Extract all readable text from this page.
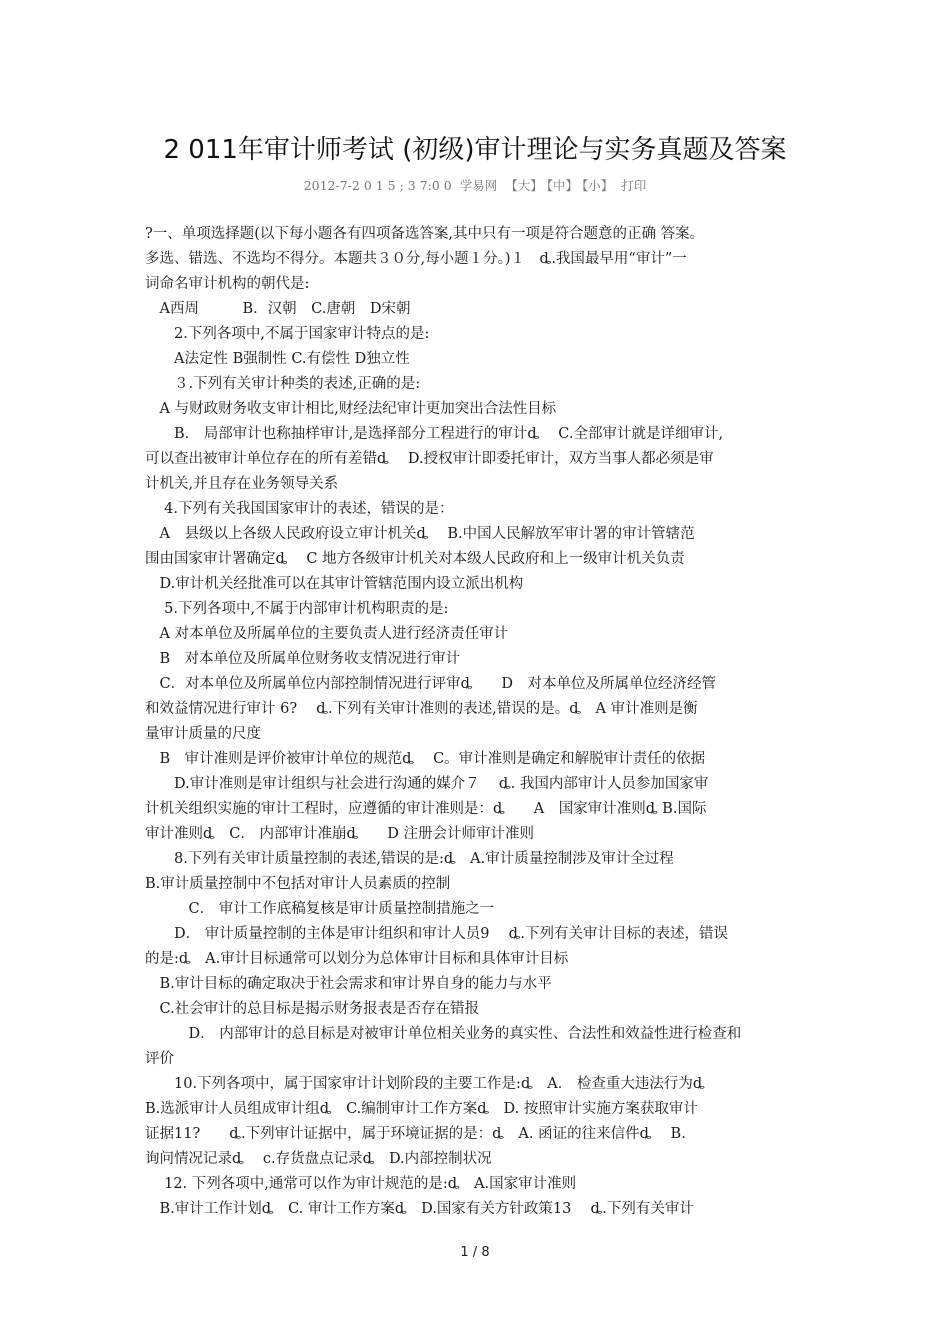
2 011年审计师考试 (初级)审计理论与实务真题及答案
2012-7-2 0 1 5 ; 3 7:0 0 学易网 【大】 【中】 【小】 打印

?一、单项选择题(以下每小题各有四项备选答案,其中只有一项是符合题意的正确 答案。

多选、错选、不选均不得分。本题共３０分,每小题１分。)１　ȡ.我国最早用“审计”一

词命名审计机构的朝代是:

　A西周　　　B．汉朝　C.唐朝　D宋朝

　　2.下列各项中,不属于国家审计特点的是:

　　A法定性 B强制性 C.有偿性 D独立性

　　３.下列有关审计种类的表述,正确的是:

　A 与财政财务收支审计相比,财经法纪审计更加突出合法性目标

　　B． 局部审计也称抽样审计,是选择部分工程进行的审计ȡ　 C.全部审计就是详细审计,

可以查出被审计单位存在的所有差错ȡ　 D.授权审计即委托审计，双方当事人都必须是审

计机关,并且存在业务领导关系

　 4.下列有关我国国家审计的表述，错误的是：

　A　县级以上各级人民政府设立审计机关ȡ　 B.中国人民解放军审计署的审计管辖范

围由国家审计署确定ȡ　 C 地方各级审计机关对本级人民政府和上一级审计机关负责

　D.审计机关经批准可以在其审计管辖范围内设立派出机构

　 5.下列各项中,不属于内部审计机构职责的是:

　A 对本单位及所属单位的主要负责人进行经济责任审计

　B　对本单位及所属单位财务收支情况进行审计

　C．对本单位及所属单位内部控制情况进行评审ȡ　　D　对本单位及所属单位经济经管

和效益情况进行审计 6?　 ȡ.下列有关审计准则的表述,错误的是。ȡ　A 审计准则是衡

量审计质量的尺度

　B　审计准则是评价被审计单位的规范ȡ　 C。审计准则是确定和解脱审计责任的依据

　　D.审计准则是审计组织与社会进行沟通的媒介７　 ȡ. 我国内部审计人员参加国家审

计机关组织实施的审计工程时，应遵循的审计准则是：ȡ　　A　国家审计准则ȡ B.国际

审计准则ȡ　C． 内部审计准崩ȡ　　D 注册会计师审计准则

　　8.下列有关审计质量控制的表述,错误的是:ȡ　A.审计质量控制涉及审计全过程

B.审计质量控制中不包括对审计人员素质的控制

　　　C． 审计工作底稿复核是审计质量控制措施之一

　　D． 审计质量控制的主体是审计组织和审计人员9　 ȡ.下列有关审计目标的表述，错误

的是:ȡ　A.审计目标通常可以划分为总体审计目标和具体审计目标

　B.审计目标的确定取决于社会需求和审计界自身的能力与水平

　C.社会审计的总目标是揭示财务报表是否存在错报

　　　D． 内部审计的总目标是对被审计单位相关业务的真实性、合法性和效益性进行检查和

评价

　　10.下列各项中，属于国家审计计划阶段的主要工作是:ȡ　A． 检查重大违法行为ȡ

B.选派审计人员组成审计组ȡ　C.编制审计工作方案ȡ　D. 按照审计实施方案获取审计

证据11?　　ȡ.下列审计证据中，属于环境证据的是：ȡ　A. 函证的往来信件ȡ　 B.

询问情况记录ȡ　 c.存货盘点记录ȡ　D.内部控制状况

　 12. 下列各项中,通常可以作为审计规范的是:ȡ　A.国家审计准则

　B.审计工作计划ȡ　C. 审计工作方案ȡ　D.国家有关方针政策13　 ȡ.下列有关审计

1 / 8
